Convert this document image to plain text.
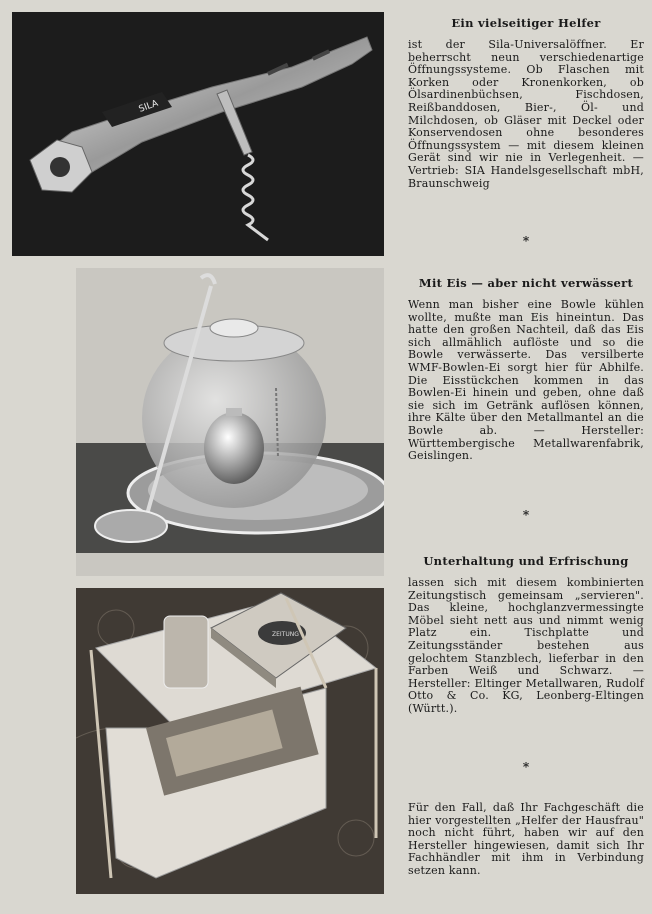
SILA
ZEITUNG

Ein vielseitiger Helfer

ist der Sila-Universalöffner. Er beherrscht neun verschiedenartige Öffnungssysteme. Ob Flaschen mit Korken oder Kronenkorken, ob Ölsardinenbüchsen, Fischdosen, Reißbanddosen, Bier-, Öl- und Milchdosen, ob Gläser mit Deckel oder Konservendosen ohne besonderes Öffnungssystem — mit diesem kleinen Gerät sind wir nie in Verlegenheit. — Vertrieb: SIA Handelsgesellschaft mbH, Braunschweig

*

Mit Eis — aber nicht verwässert

Wenn man bisher eine Bowle kühlen wollte, mußte man Eis hineintun. Das hatte den großen Nachteil, daß das Eis sich allmählich auflöste und so die Bowle verwässerte. Das versilberte WMF-Bowlen-Ei sorgt hier für Abhilfe. Die Eisstückchen kommen in das Bowlen-Ei hinein und geben, ohne daß sie sich im Getränk auflösen können, ihre Kälte über den Metallmantel an die Bowle ab. — Hersteller: Württembergische Metallwarenfabrik, Geislingen.

*

Unterhaltung und Erfrischung

lassen sich mit diesem kombinierten Zeitungstisch gemeinsam „servieren". Das kleine, hochglanzvermessingte Möbel sieht nett aus und nimmt wenig Platz ein. Tischplatte und Zeitungsständer bestehen aus gelochtem Stanzblech, lieferbar in den Farben Weiß und Schwarz. — Hersteller: Eltinger Metallwaren, Rudolf Otto & Co. KG, Leonberg-Eltingen (Württ.).

*

Für den Fall, daß Ihr Fachgeschäft die hier vorgestellten „Helfer der Hausfrau" noch nicht führt, haben wir auf den Hersteller hingewiesen, damit sich Ihr Fachhändler mit ihm in Verbindung setzen kann.
